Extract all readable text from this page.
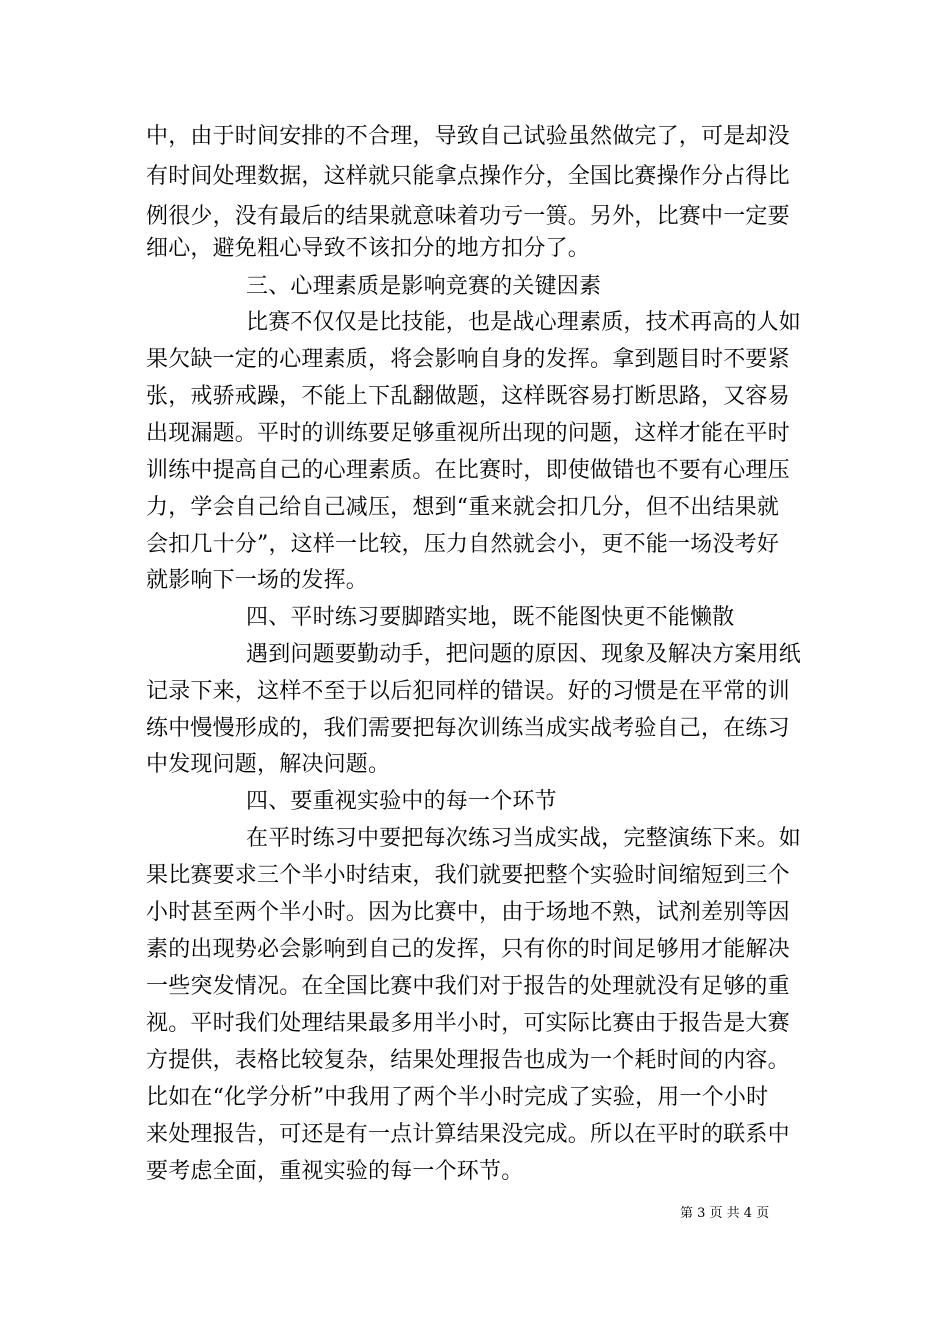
中，由于时间安排的不合理，导致自己试验虽然做完了，可是却没
有时间处理数据，这样就只能拿点操作分，全国比赛操作分占得比
例很少，没有最后的结果就意味着功亏一篑。另外，比赛中一定要
细心，避免粗心导致不该扣分的地方扣分了。
三、心理素质是影响竞赛的关键因素
比赛不仅仅是比技能，也是战心理素质，技术再高的人如
果欠缺一定的心理素质，将会影响自身的发挥。拿到题目时不要紧
张，戒骄戒躁，不能上下乱翻做题，这样既容易打断思路，又容易
出现漏题。平时的训练要足够重视所出现的问题，这样才能在平时
训练中提高自己的心理素质。在比赛时，即使做错也不要有心理压
力，学会自己给自己减压，想到“重来就会扣几分，但不出结果就
会扣几十分”，这样一比较，压力自然就会小，更不能一场没考好
就影响下一场的发挥。
四、平时练习要脚踏实地，既不能图快更不能懒散
遇到问题要勤动手，把问题的原因、现象及解决方案用纸
记录下来，这样不至于以后犯同样的错误。好的习惯是在平常的训
练中慢慢形成的，我们需要把每次训练当成实战考验自己，在练习
中发现问题，解决问题。
四、要重视实验中的每一个环节
在平时练习中要把每次练习当成实战，完整演练下来。如
果比赛要求三个半小时结束，我们就要把整个实验时间缩短到三个
小时甚至两个半小时。因为比赛中，由于场地不熟，试剂差别等因
素的出现势必会影响到自己的发挥，只有你的时间足够用才能解决
一些突发情况。在全国比赛中我们对于报告的处理就没有足够的重
视。平时我们处理结果最多用半小时，可实际比赛由于报告是大赛
方提供，表格比较复杂，结果处理报告也成为一个耗时间的内容。
比如在“化学分析”中我用了两个半小时完成了实验，用一个小时
来处理报告，可还是有一点计算结果没完成。所以在平时的联系中
要考虑全面，重视实验的每一个环节。
第 3 页 共 4 页
